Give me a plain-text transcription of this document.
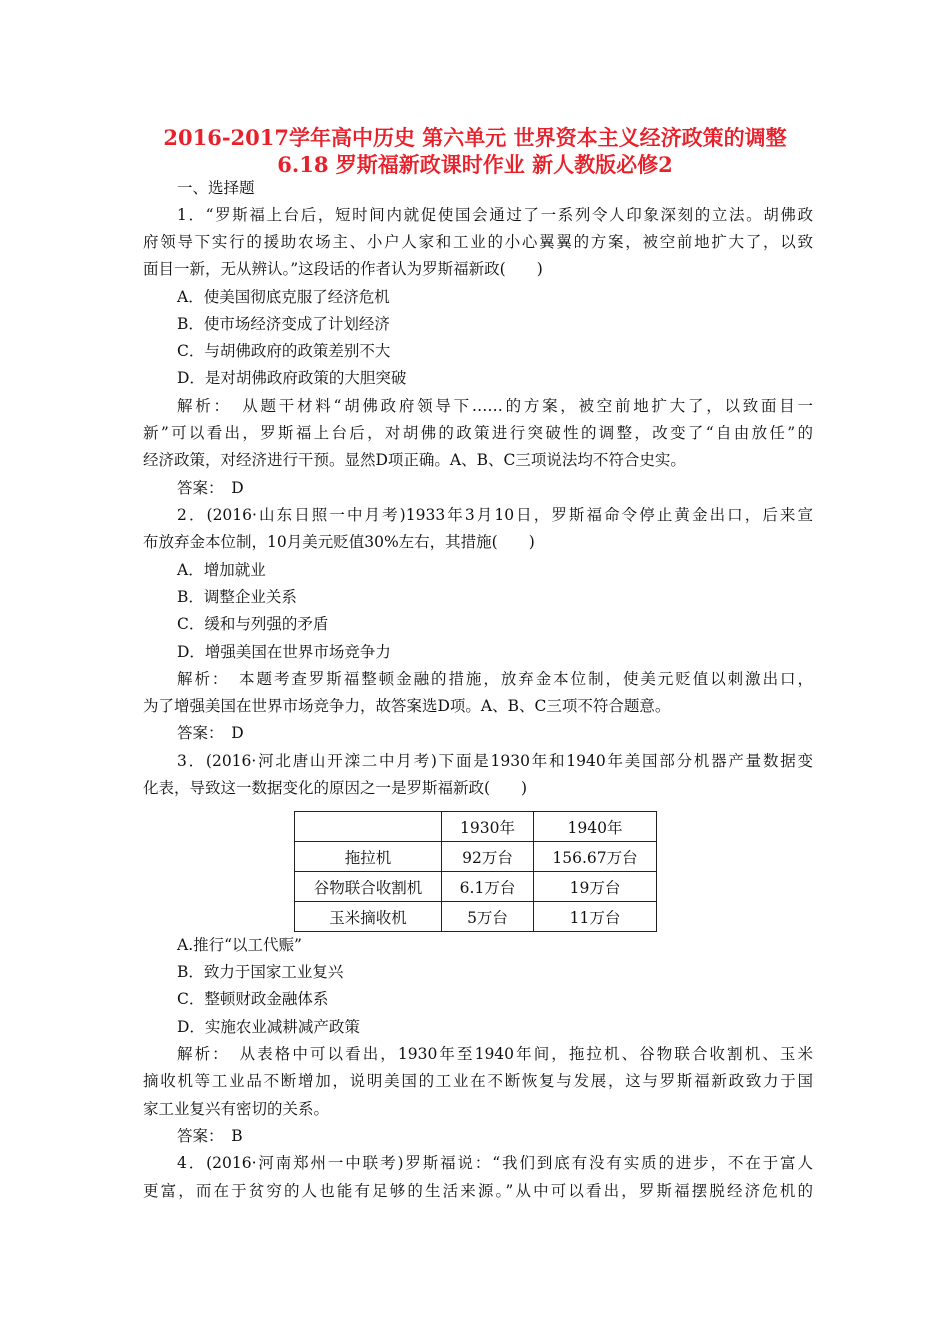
2016-2017学年高中历史 第六单元 世界资本主义经济政策的调整
6.18 罗斯福新政课时作业 新人教版必修2
一、选择题
1．“罗斯福上台后，短时间内就促使国会通过了一系列令人印象深刻的立法。胡佛政
府领导下实行的援助农场主、小户人家和工业的小心翼翼的方案，被空前地扩大了，以致
面目一新，无从辨认。”这段话的作者认为罗斯福新政(　　)
A．使美国彻底克服了经济危机
B．使市场经济变成了计划经济
C．与胡佛政府的政策差别不大
D．是对胡佛政府政策的大胆突破
解析：　从题干材料“胡佛政府领导下……的方案，被空前地扩大了，以致面目一
新”可以看出，罗斯福上台后，对胡佛的政策进行突破性的调整，改变了“自由放任”的
经济政策，对经济进行干预。显然D项正确。A、B、C三项说法均不符合史实。
答案：　D
2．(2016·山东日照一中月考)1933年3月10日，罗斯福命令停止黄金出口，后来宣
布放弃金本位制，10月美元贬值30%左右，其措施(　　)
A．增加就业
B．调整企业关系
C．缓和与列强的矛盾
D．增强美国在世界市场竞争力
解析：　本题考查罗斯福整顿金融的措施，放弃金本位制，使美元贬值以刺激出口，
为了增强美国在世界市场竞争力，故答案选D项。A、B、C三项不符合题意。
答案：　D
3．(2016·河北唐山开滦二中月考)下面是1930年和1940年美国部分机器产量数据变
化表，导致这一数据变化的原因之一是罗斯福新政(　　)
	1930年	1940年
拖拉机	92万台	156.67万台
谷物联合收割机	6.1万台	19万台
玉米摘收机	5万台	11万台
A.推行“以工代赈”
B．致力于国家工业复兴
C．整顿财政金融体系
D．实施农业减耕减产政策
解析：　从表格中可以看出，1930年至1940年间，拖拉机、谷物联合收割机、玉米
摘收机等工业品不断增加，说明美国的工业在不断恢复与发展，这与罗斯福新政致力于国
家工业复兴有密切的关系。
答案：　B
4．(2016·河南郑州一中联考)罗斯福说：“我们到底有没有实质的进步，不在于富人
更富，而在于贫穷的人也能有足够的生活来源。”从中可以看出，罗斯福摆脱经济危机的
